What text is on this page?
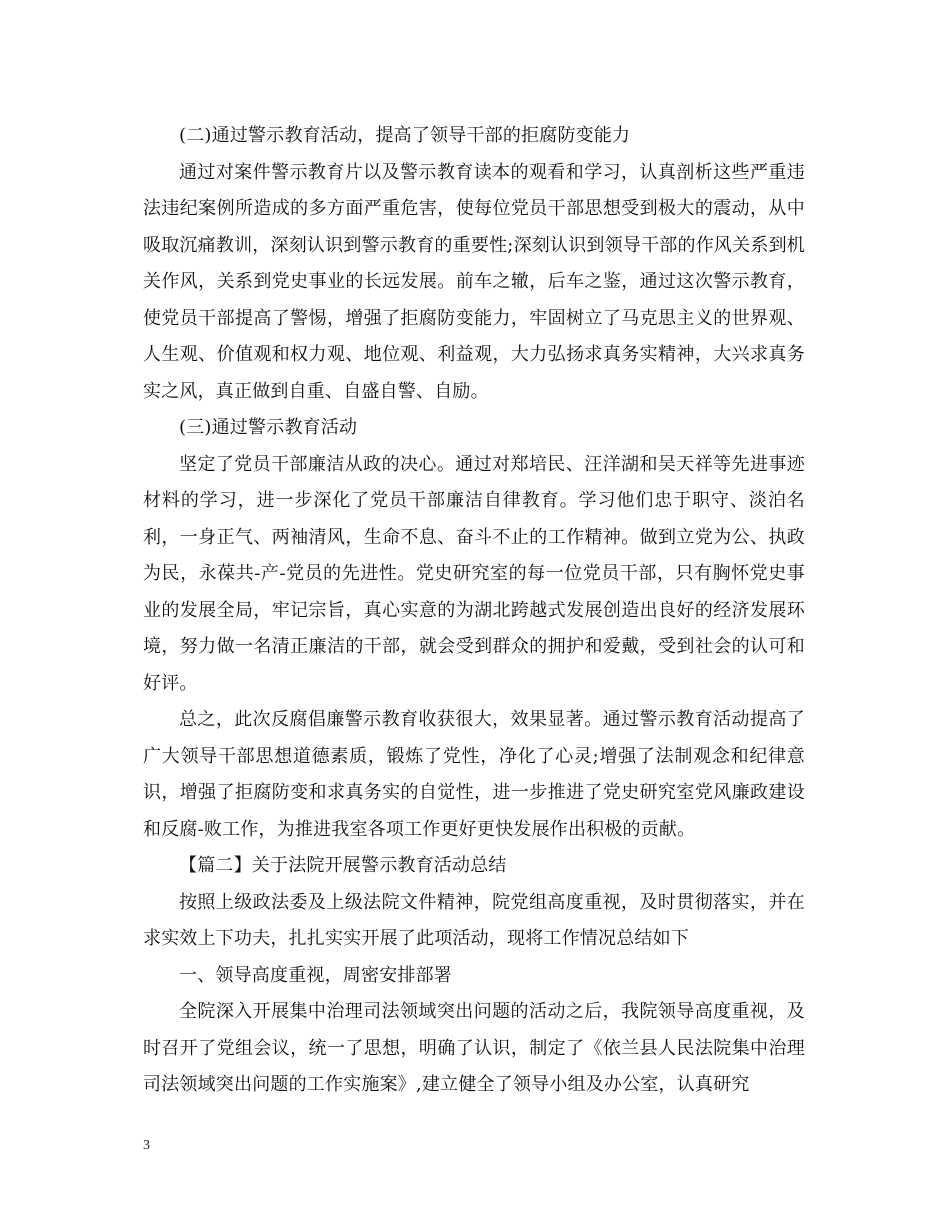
(二)通过警示教育活动，提高了领导干部的拒腐防变能力

通过对案件警示教育片以及警示教育读本的观看和学习，认真剖析这些严重违法违纪案例所造成的多方面严重危害，使每位党员干部思想受到极大的震动，从中吸取沉痛教训，深刻认识到警示教育的重要性;深刻认识到领导干部的作风关系到机关作风，关系到党史事业的长远发展。前车之辙，后车之鉴，通过这次警示教育，使党员干部提高了警惕，增强了拒腐防变能力，牢固树立了马克思主义的世界观、人生观、价值观和权力观、地位观、利益观，大力弘扬求真务实精神，大兴求真务实之风，真正做到自重、自盛自警、自励。

(三)通过警示教育活动

坚定了党员干部廉洁从政的决心。通过对郑培民、汪洋湖和吴天祥等先进事迹材料的学习，进一步深化了党员干部廉洁自律教育。学习他们忠于职守、淡泊名利，一身正气、两袖清风，生命不息、奋斗不止的工作精神。做到立党为公、执政为民，永葆共-产-党员的先进性。党史研究室的每一位党员干部，只有胸怀党史事业的发展全局，牢记宗旨，真心实意的为湖北跨越式发展创造出良好的经济发展环境，努力做一名清正廉洁的干部，就会受到群众的拥护和爱戴，受到社会的认可和好评。

总之，此次反腐倡廉警示教育收获很大，效果显著。通过警示教育活动提高了广大领导干部思想道德素质，锻炼了党性，净化了心灵;增强了法制观念和纪律意识，增强了拒腐防变和求真务实的自觉性，进一步推进了党史研究室党风廉政建设和反腐-败工作，为推进我室各项工作更好更快发展作出积极的贡献。

【篇二】关于法院开展警示教育活动总结

按照上级政法委及上级法院文件精神，院党组高度重视，及时贯彻落实，并在求实效上下功夫，扎扎实实开展了此项活动，现将工作情况总结如下

一、领导高度重视，周密安排部署

全院深入开展集中治理司法领域突出问题的活动之后，我院领导高度重视，及时召开了党组会议，统一了思想，明确了认识，制定了《依兰县人民法院集中治理司法领域突出问题的工作实施案》,建立健全了领导小组及办公室，认真研究

3
